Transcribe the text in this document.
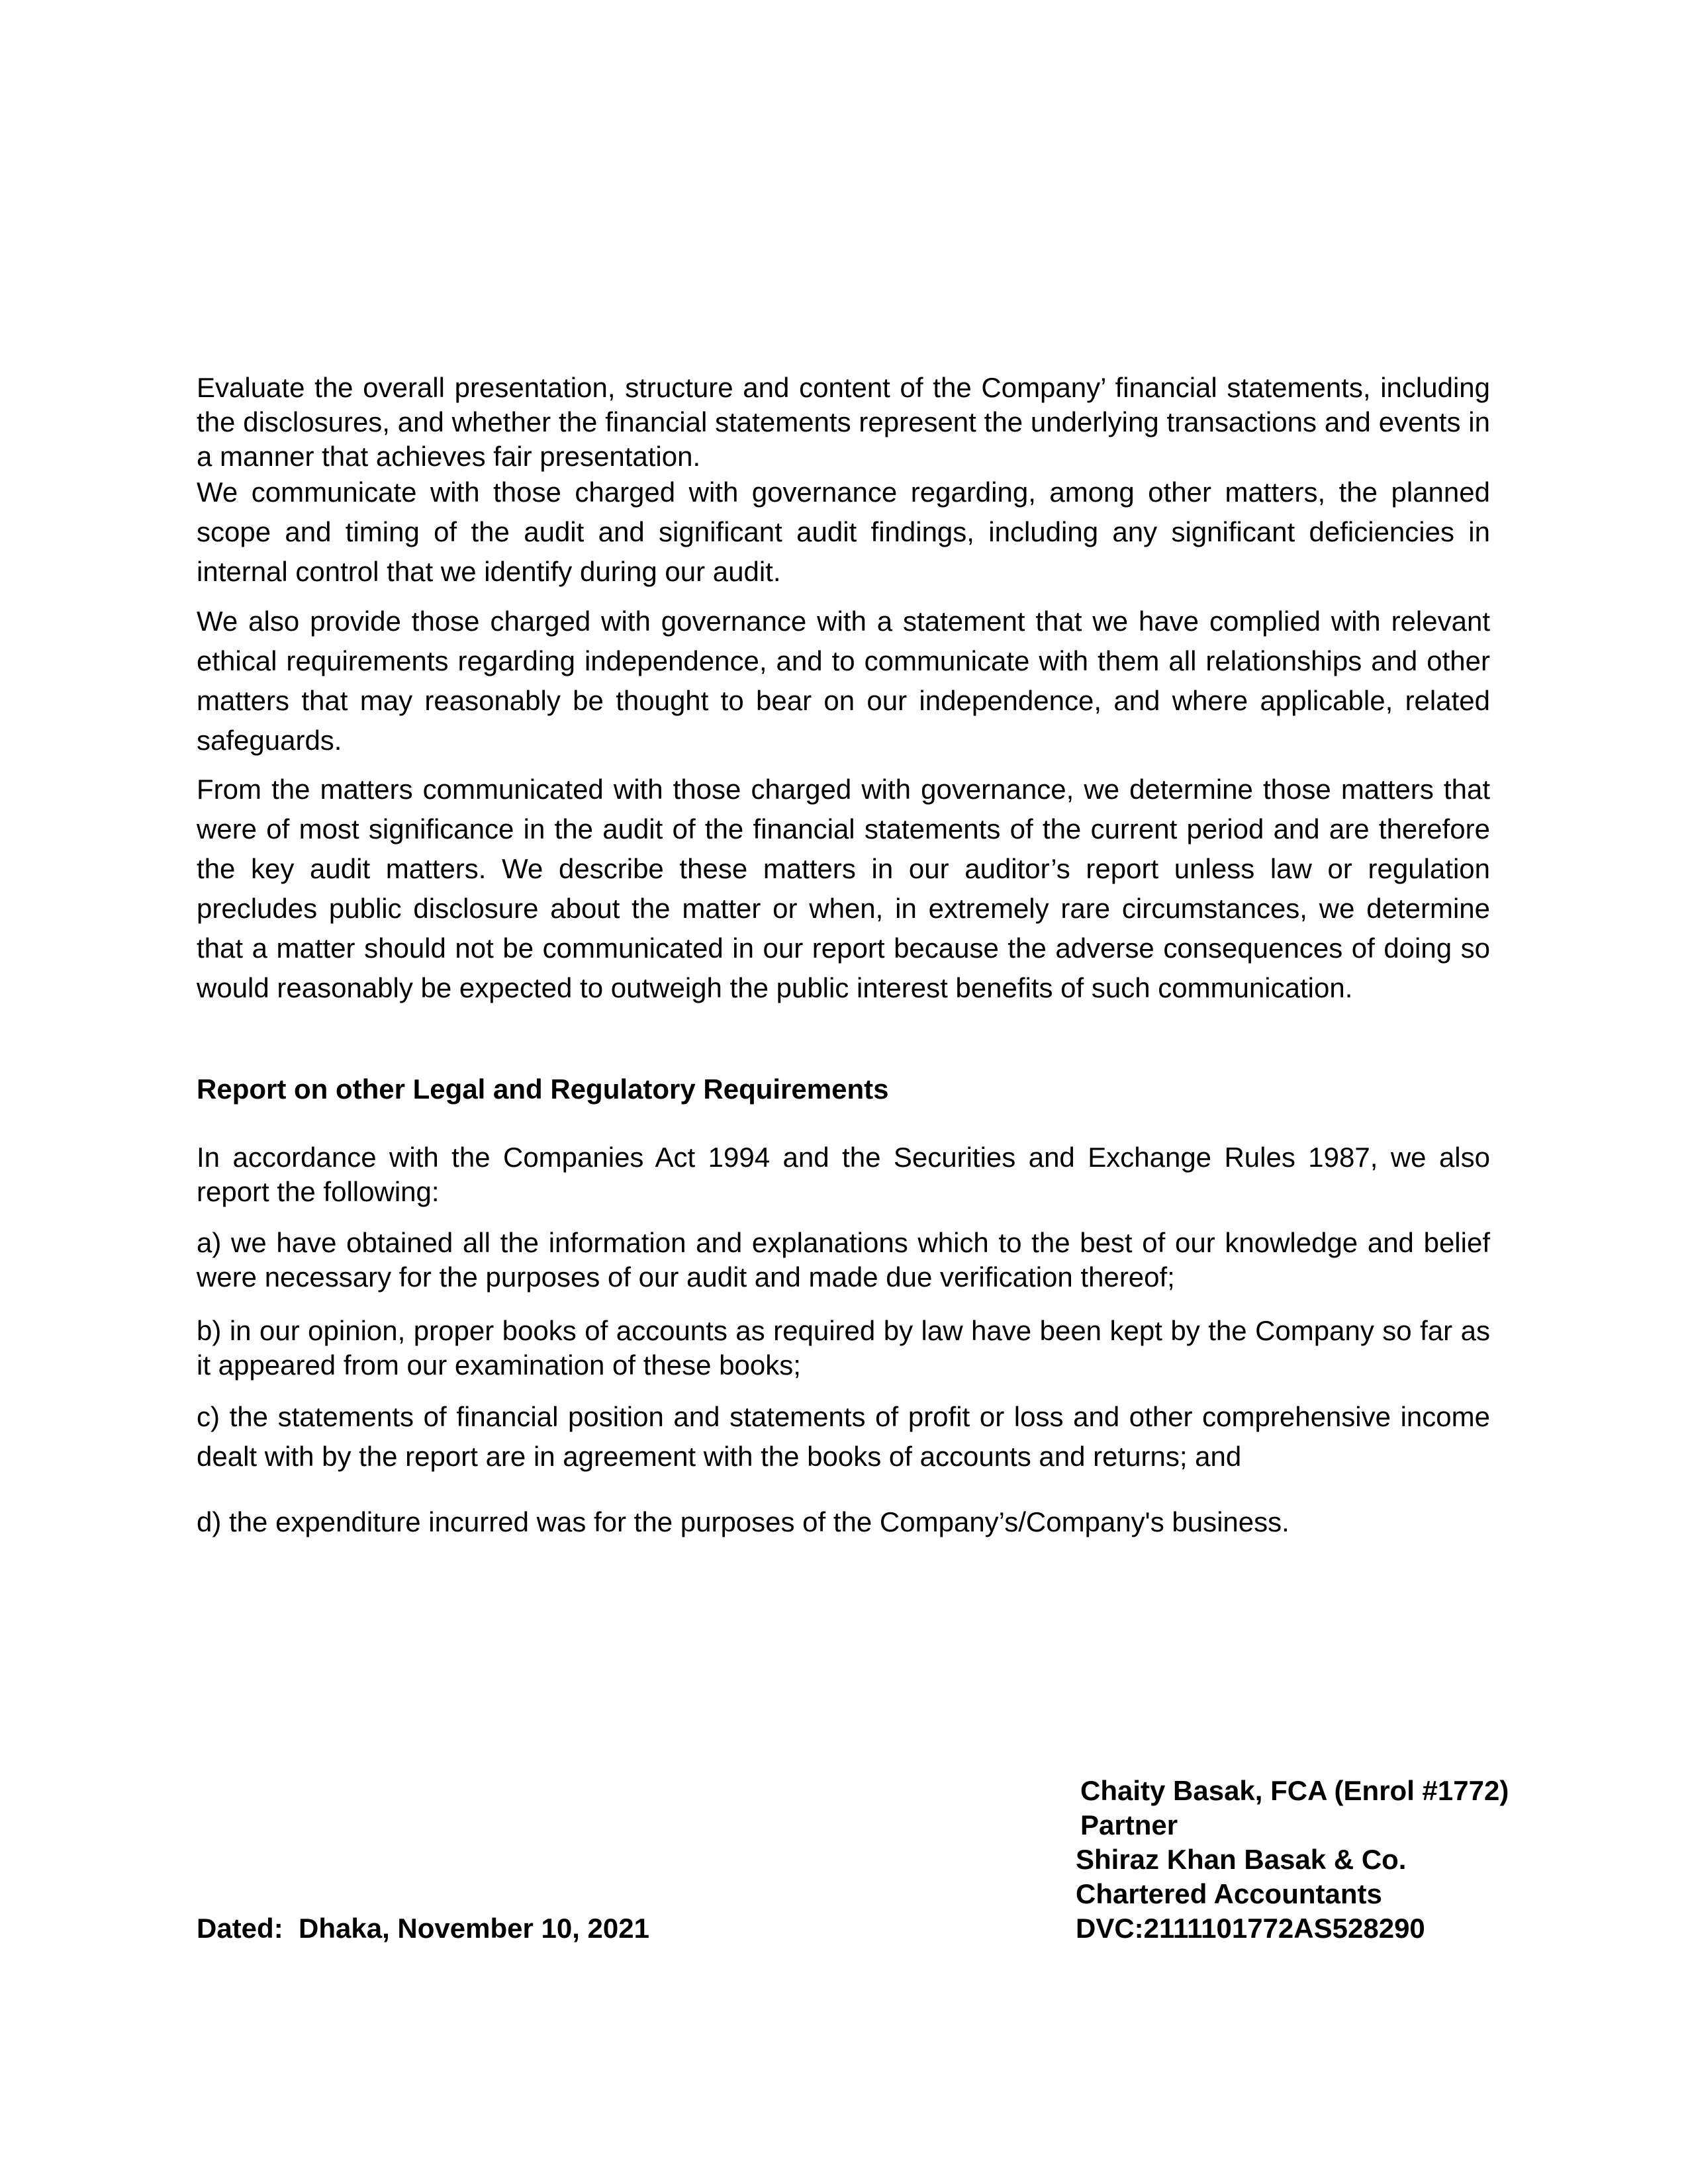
Evaluate the overall presentation, structure and content of the Company’ financial statements, including the disclosures, and whether the financial statements represent the underlying transactions and events in a manner that achieves fair presentation.

We communicate with those charged with governance regarding, among other matters, the planned scope and timing of the audit and significant audit findings, including any significant deficiencies in internal control that we identify during our audit.

We also provide those charged with governance with a statement that we have complied with relevant ethical requirements regarding independence, and to communicate with them all relationships and other matters that may reasonably be thought to bear on our independence, and where applicable, related safeguards.

From the matters communicated with those charged with governance, we determine those matters that were of most significance in the audit of the financial statements of the current period and are therefore the key audit matters. We describe these matters in our auditor’s report unless law or regulation precludes public disclosure about the matter or when, in extremely rare circumstances, we determine that a matter should not be communicated in our report because the adverse consequences of doing so would reasonably be expected to outweigh the public interest benefits of such communication.

Report on other Legal and Regulatory Requirements

In accordance with the Companies Act 1994 and the Securities and Exchange Rules 1987, we also report the following:

a) we have obtained all the information and explanations which to the best of our knowledge and belief were necessary for the purposes of our audit and made due verification thereof;

b) in our opinion, proper books of accounts as required by law have been kept by the Company so far as it appeared from our examination of these books;

c) the statements of financial position and statements of profit or loss and other comprehensive income dealt with by the report are in agreement with the books of accounts and returns; and

d) the expenditure incurred was for the purposes of the Company’s/Company's business.

Chaity Basak, FCA (Enrol #1772)
Partner
Shiraz Khan Basak & Co.
Chartered Accountants
DVC:2111101772AS528290
Dated:  Dhaka, November 10, 2021
